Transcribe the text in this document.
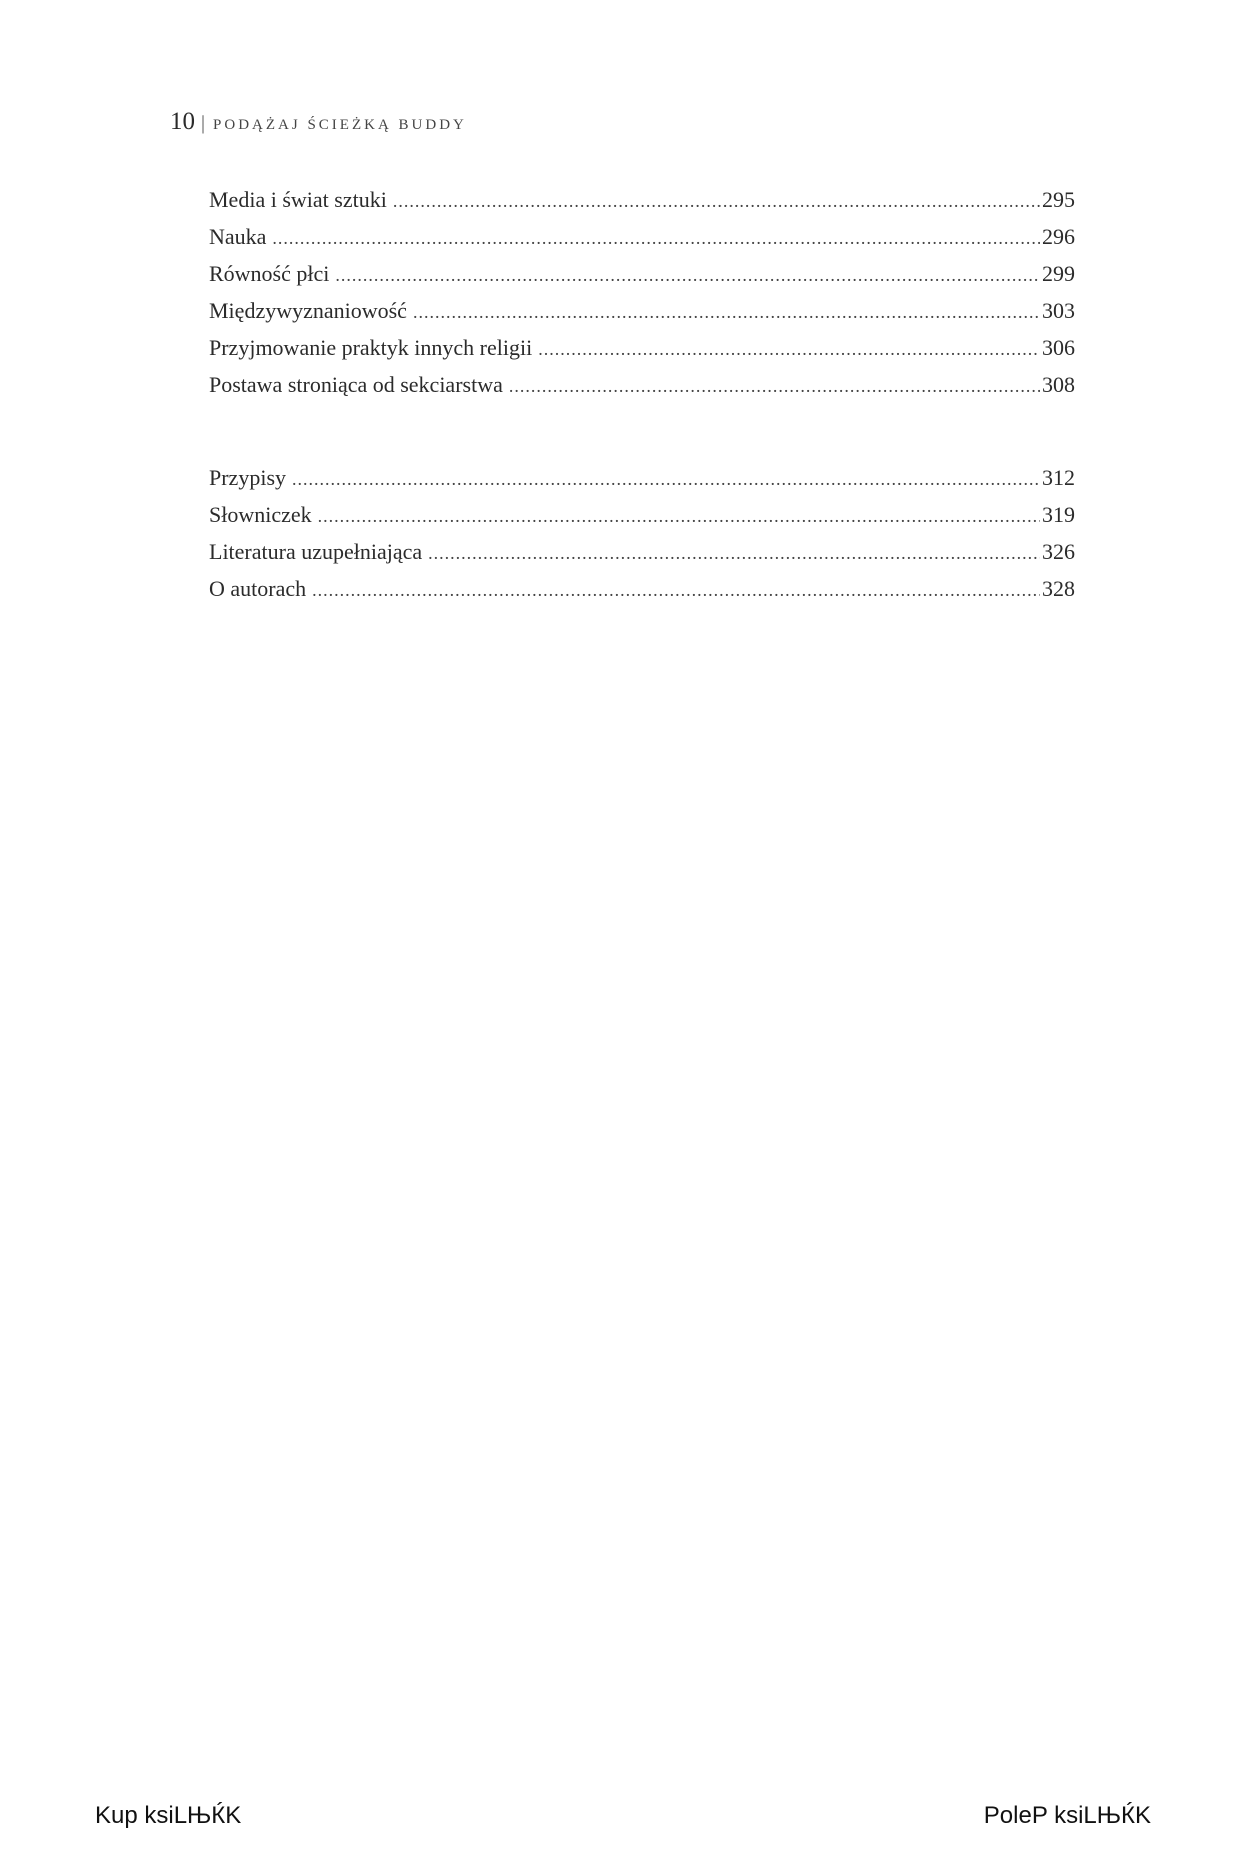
10 | PODĄŻAJ ŚCIEŻKĄ BUDDY
Media i świat sztuki .....	295
Nauka .....	296
Równość płci .....	299
Międzywyznaniowość .....	303
Przyjmowanie praktyk innych religii .....	306
Postawa stroniąca od sekciarstwa .....	308
Przypisy .....	312
Słowniczek .....	319
Literatura uzupełniająca .....	326
O autorach .....	328
Kup ksiLЊЌK	PoleP ksiLЊЌK
